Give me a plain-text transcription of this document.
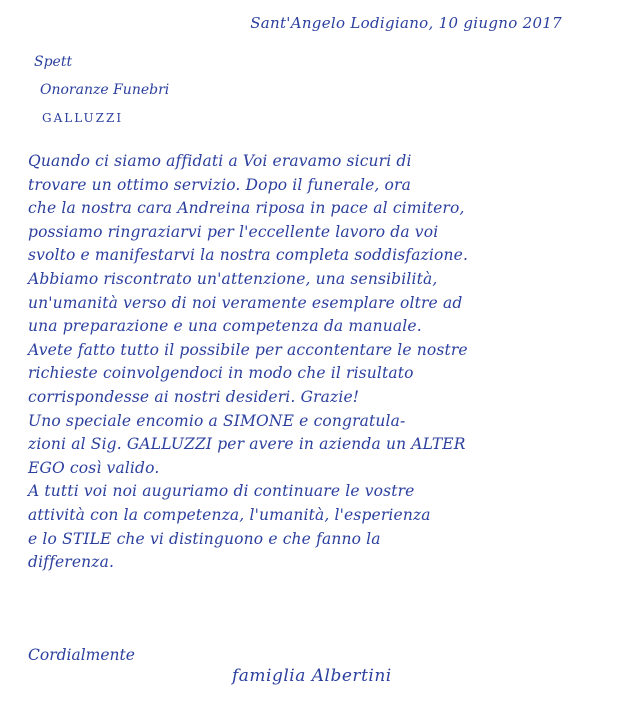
Sant'Angelo Lodigiano, 10 giugno 2017
Spett
Onoranze Funebri
GALLUZZI
Quando ci siamo affidati a Voi eravamo sicuri di
trovare un ottimo servizio. Dopo il funerale, ora
che la nostra cara Andreina riposa in pace al cimitero,
possiamo ringraziarvi per l'eccellente lavoro da voi
svolto e manifestarvi la nostra completa soddisfazione.
Abbiamo riscontrato un'attenzione, una sensibilità,
un'umanità verso di noi veramente esemplare oltre ad
una preparazione e una competenza da manuale.
Avete fatto tutto il possibile per accontentare le nostre
richieste coinvolgendoci in modo che il risultato
corrispondesse ai nostri desideri. Grazie!
Uno speciale encomio a SIMONE e congratula-
zioni al Sig. GALLUZZI per avere in azienda un ALTER
EGO così valido.
A tutti voi noi auguriamo di continuare le vostre
attività con la competenza, l'umanità, l'esperienza
e lo STILE che vi distinguono e che fanno la
differenza.
Cordialmente
famiglia Albertini
